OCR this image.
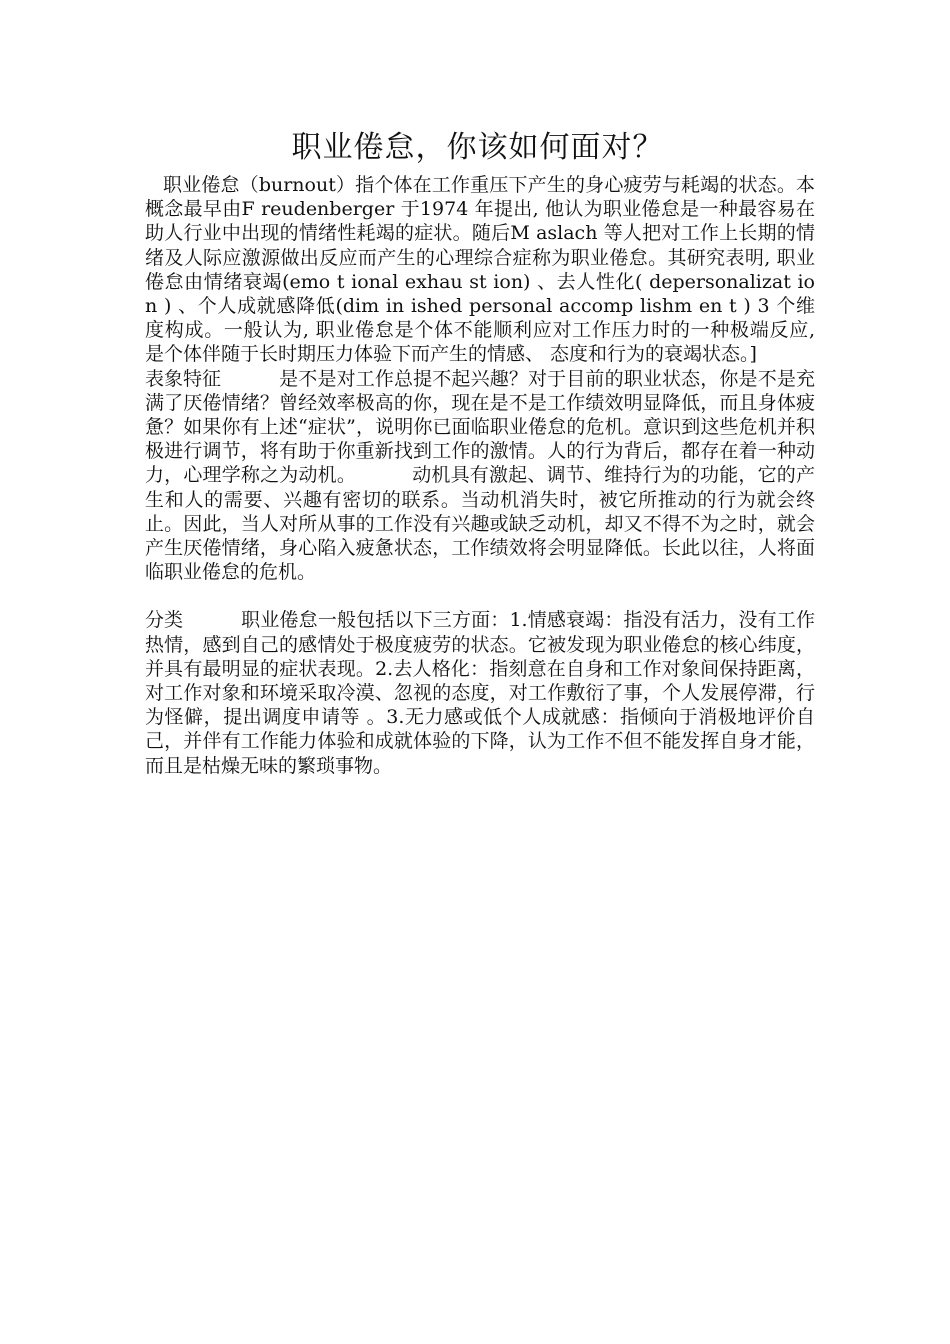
职业倦怠，你该如何面对？

职业倦怠（burnout）指个体在工作重压下产生的身心疲劳与耗竭的状态。本概念最早由F reudenberger 于1974 年提出, 他认为职业倦怠是一种最容易在助人行业中出现的情绪性耗竭的症状。随后M aslach 等人把对工作上长期的情绪及人际应激源做出反应而产生的心理综合症称为职业倦怠。其研究表明, 职业倦怠由情绪衰竭(emo t ional exhau st ion) 、去人性化( depersonalizat ion ) 、个人成就感降低(dim in ished personal accomp lishm en t ) 3 个维度构成。一般认为, 职业倦怠是个体不能顺利应对工作压力时的一种极端反应, 是个体伴随于长时期压力体验下而产生的情感、 态度和行为的衰竭状态。]

表象特征	是不是对工作总提不起兴趣？对于目前的职业状态，你是不是充满了厌倦情绪？曾经效率极高的你，现在是不是工作绩效明显降低，而且身体疲惫？如果你有上述“症状”，说明你已面临职业倦怠的危机。意识到这些危机并积极进行调节，将有助于你重新找到工作的激情。人的行为背后，都存在着一种动力，心理学称之为动机。	动机具有激起、调节、维持行为的功能，它的产生和人的需要、兴趣有密切的联系。当动机消失时，被它所推动的行为就会终止。因此，当人对所从事的工作没有兴趣或缺乏动机，却又不得不为之时，就会产生厌倦情绪，身心陷入疲惫状态，工作绩效将会明显降低。长此以往，人将面临职业倦怠的危机。

分类	职业倦怠一般包括以下三方面：1.情感衰竭：指没有活力，没有工作热情，感到自己的感情处于极度疲劳的状态。它被发现为职业倦怠的核心纬度，并具有最明显的症状表现。2.去人格化：指刻意在自身和工作对象间保持距离，对工作对象和环境采取冷漠、忽视的态度，对工作敷衍了事，个人发展停滞，行为怪僻，提出调度申请等 。3.无力感或低个人成就感：指倾向于消极地评价自己，并伴有工作能力体验和成就体验的下降，认为工作不但不能发挥自身才能，而且是枯燥无味的繁琐事物。
